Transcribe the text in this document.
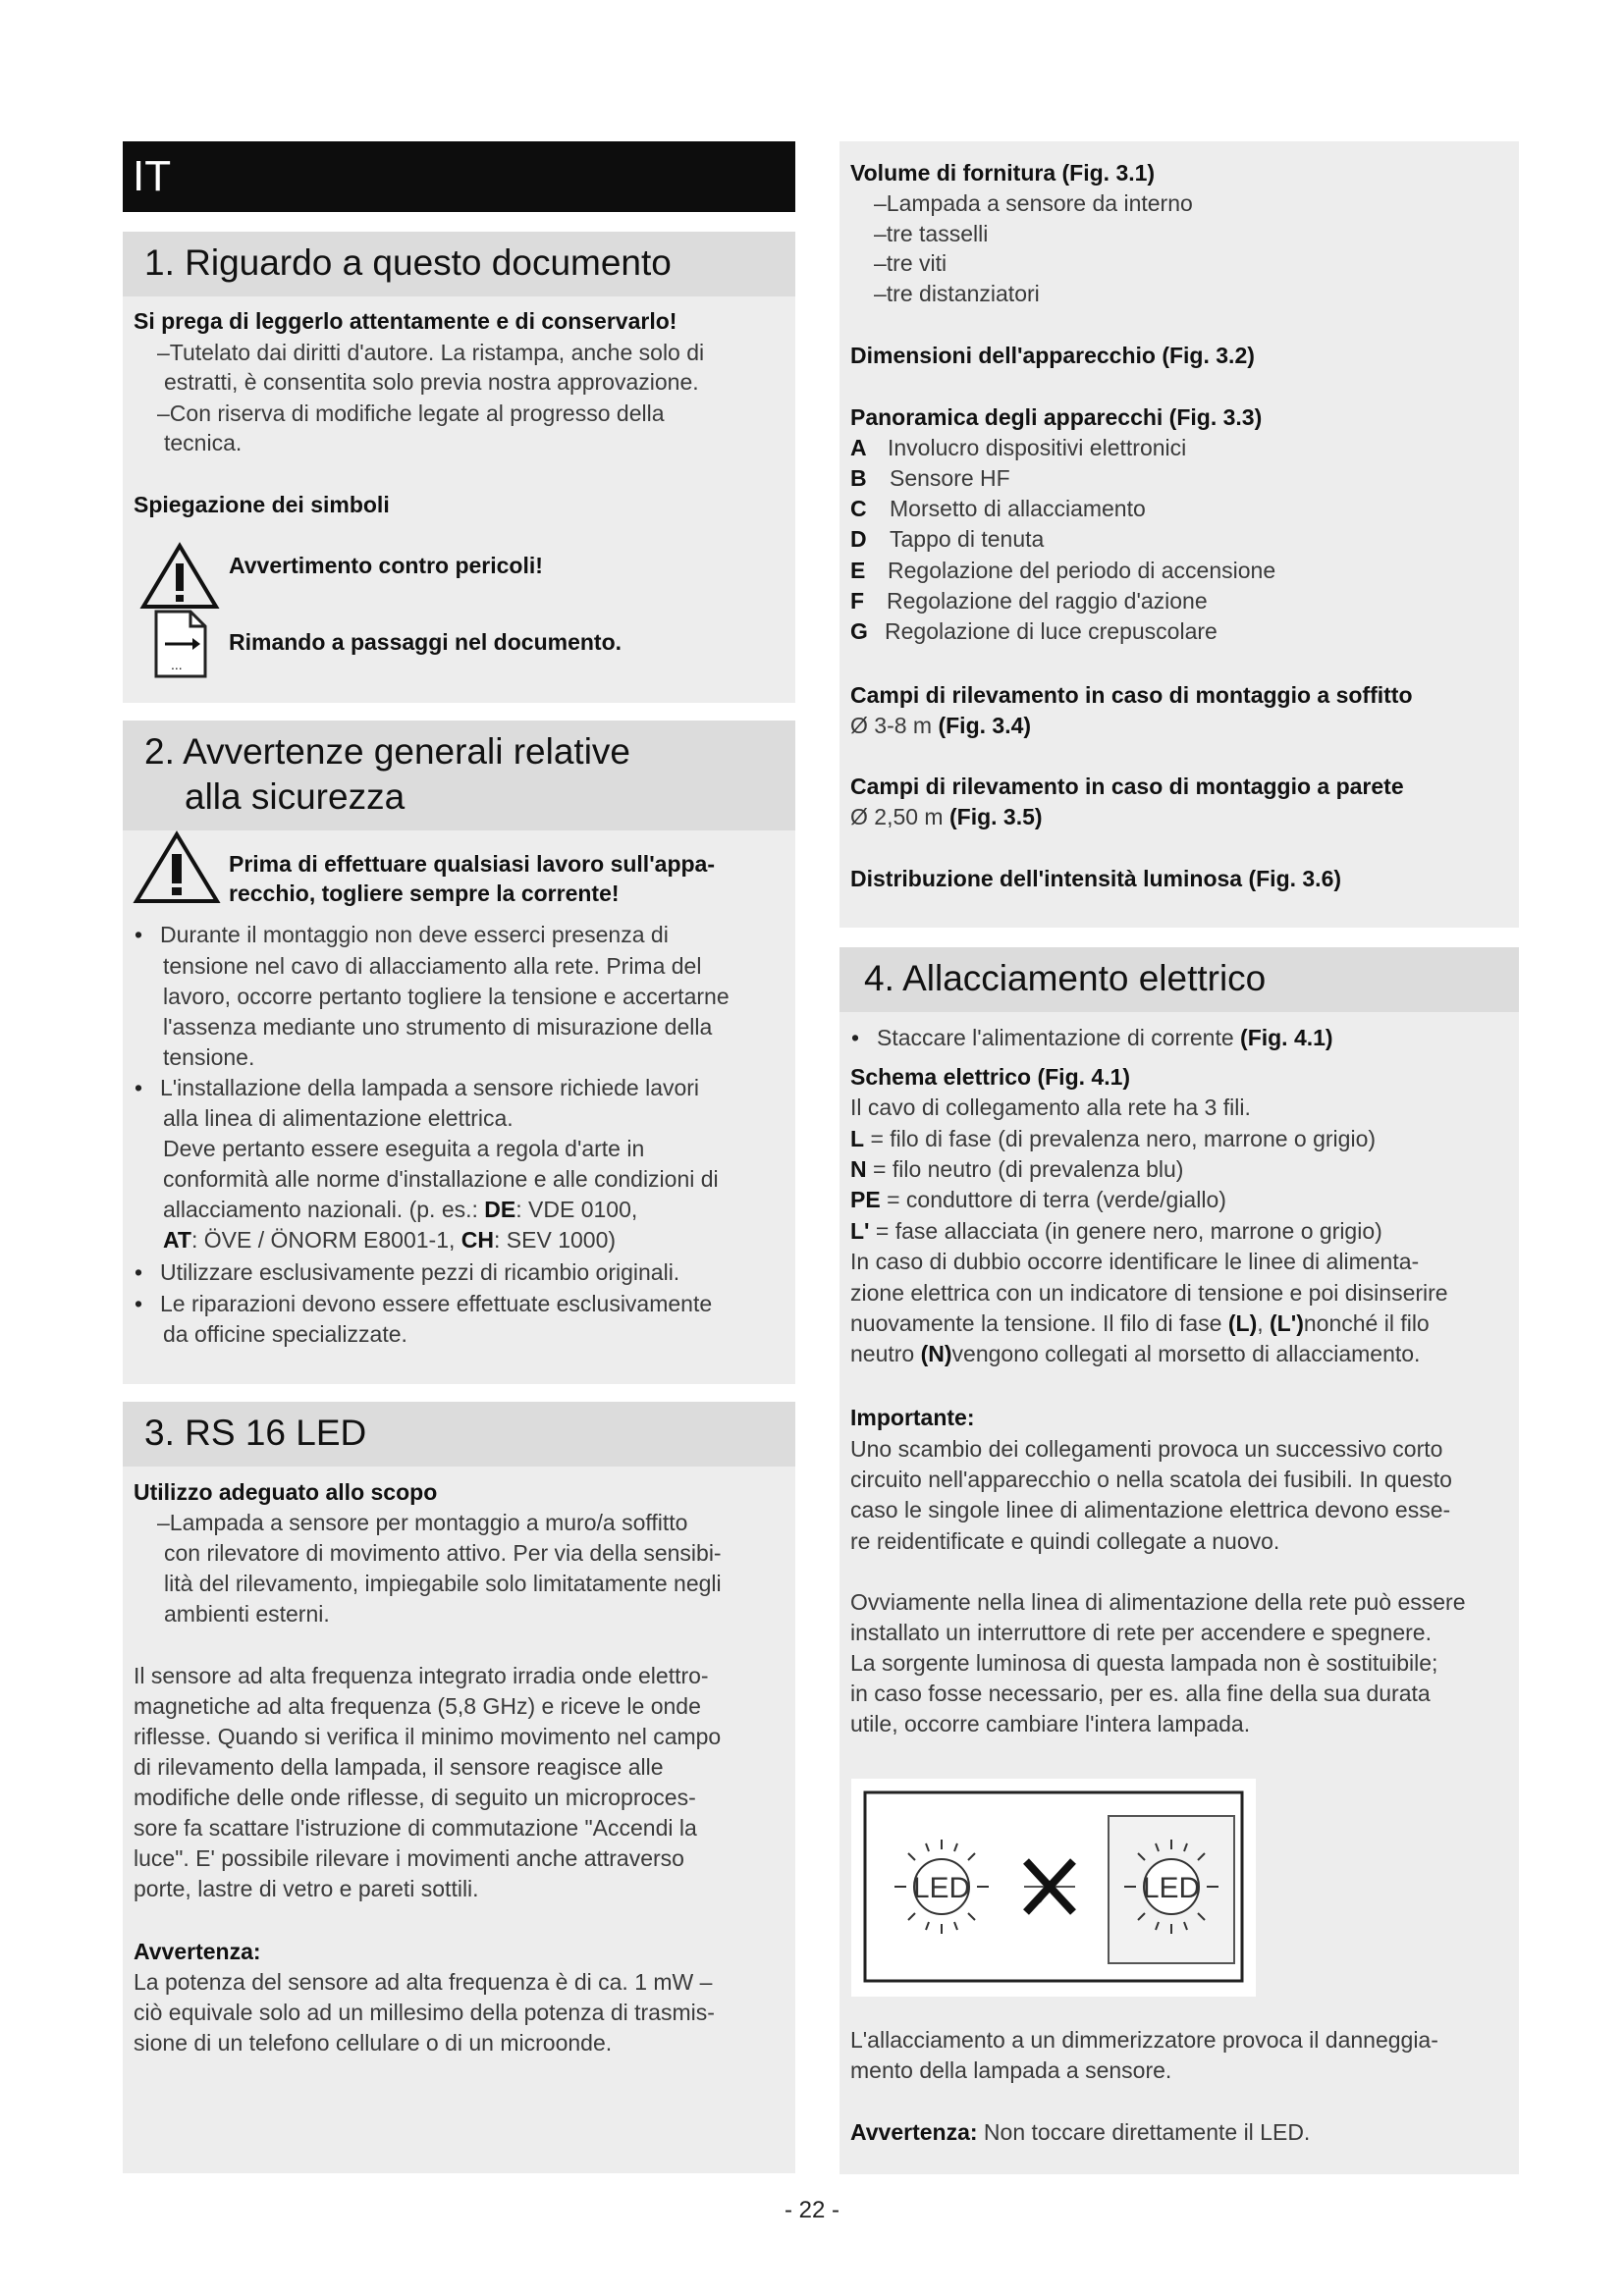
IT
1. Riguardo a questo documento
Si prega di leggerlo attentamente e di conservarlo!
–Tutelato dai diritti d'autore. La ristampa, anche solo di
estratti, è consentita solo previa nostra approvazione.
–Con riserva di modifiche legate al progresso della
tecnica.
Spiegazione dei simboli
Avvertimento contro pericoli!
...
Rimando a passaggi nel documento.
2. Avvertenze generali relative
alla sicurezza
Prima di effettuare qualsiasi lavoro sull'appa-
recchio, togliere sempre la corrente!
• Durante il montaggio non deve esserci presenza di
tensione nel cavo di allacciamento alla rete. Prima del
lavoro, occorre pertanto togliere la tensione e accertarne
l'assenza mediante uno strumento di misurazione della
tensione.
• L'installazione della lampada a sensore richiede lavori
alla linea di alimentazione elettrica.
Deve pertanto essere eseguita a regola d'arte in
conformità alle norme d'installazione e alle condizioni di
allacciamento nazionali. (p. es.: DE: VDE 0100,
AT: ÖVE / ÖNORM E8001-1, CH: SEV 1000)
• Utilizzare esclusivamente pezzi di ricambio originali.
• Le riparazioni devono essere effettuate esclusivamente
da officine specializzate.
3. RS 16 LED
Utilizzo adeguato allo scopo
–Lampada a sensore per montaggio a muro/a soffitto
con rilevatore di movimento attivo. Per via della sensibi-
lità del rilevamento, impiegabile solo limitatamente negli
ambienti esterni.
Il sensore ad alta frequenza integrato irradia onde elettro-
magnetiche ad alta frequenza (5,8 GHz) e riceve le onde
riflesse. Quando si verifica il minimo movimento nel campo
di rilevamento della lampada, il sensore reagisce alle
modifiche delle onde riflesse, di seguito un microproces-
sore fa scattare l'istruzione di commutazione "Accendi la
luce". E' possibile rilevare i movimenti anche attraverso
porte, lastre di vetro e pareti sottili.
Avvertenza:
La potenza del sensore ad alta frequenza è di ca. 1 mW –
ciò equivale solo ad un millesimo della potenza di trasmis-
sione di un telefono cellulare o di un microonde.
Volume di fornitura (Fig. 3.1)
–Lampada a sensore da interno
–tre tasselli
–tre viti
–tre distanziatori
Dimensioni dell'apparecchio (Fig. 3.2)
Panoramica degli apparecchi (Fig. 3.3)
A Involucro dispositivi elettronici
B Sensore HF
C Morsetto di allacciamento
D Tappo di tenuta
E Regolazione del periodo di accensione
F Regolazione del raggio d'azione
G Regolazione di luce crepuscolare
Campi di rilevamento in caso di montaggio a soffitto
Ø 3-8 m (Fig. 3.4)
Campi di rilevamento in caso di montaggio a parete
Ø 2,50 m (Fig. 3.5)
Distribuzione dell'intensità luminosa (Fig. 3.6)
4. Allacciamento elettrico
• Staccare l'alimentazione di corrente (Fig. 4.1)
Schema elettrico (Fig. 4.1)
Il cavo di collegamento alla rete ha 3 fili.
L = filo di fase (di prevalenza nero, marrone o grigio)
N = filo neutro (di prevalenza blu)
PE = conduttore di terra (verde/giallo)
L' = fase allacciata (in genere nero, marrone o grigio)
In caso di dubbio occorre identificare le linee di alimenta-
zione elettrica con un indicatore di tensione e poi disinserire
nuovamente la tensione. Il filo di fase (L), (L')nonché il filo
neutro (N)vengono collegati al morsetto di allacciamento.
Importante:
Uno scambio dei collegamenti provoca un successivo corto
circuito nell'apparecchio o nella scatola dei fusibili. In questo
caso le singole linee di alimentazione elettrica devono esse-
re reidentificate e quindi collegate a nuovo.
Ovviamente nella linea di alimentazione della rete può essere
installato un interruttore di rete per accendere e spegnere.
La sorgente luminosa di questa lampada non è sostituibile;
in caso fosse necessario, per es. alla fine della sua durata
utile, occorre cambiare l'intera lampada.
LED	LED
L'allacciamento a un dimmerizzatore provoca il danneggia-
mento della lampada a sensore.
Avvertenza: Non toccare direttamente il LED.
- 22 -
